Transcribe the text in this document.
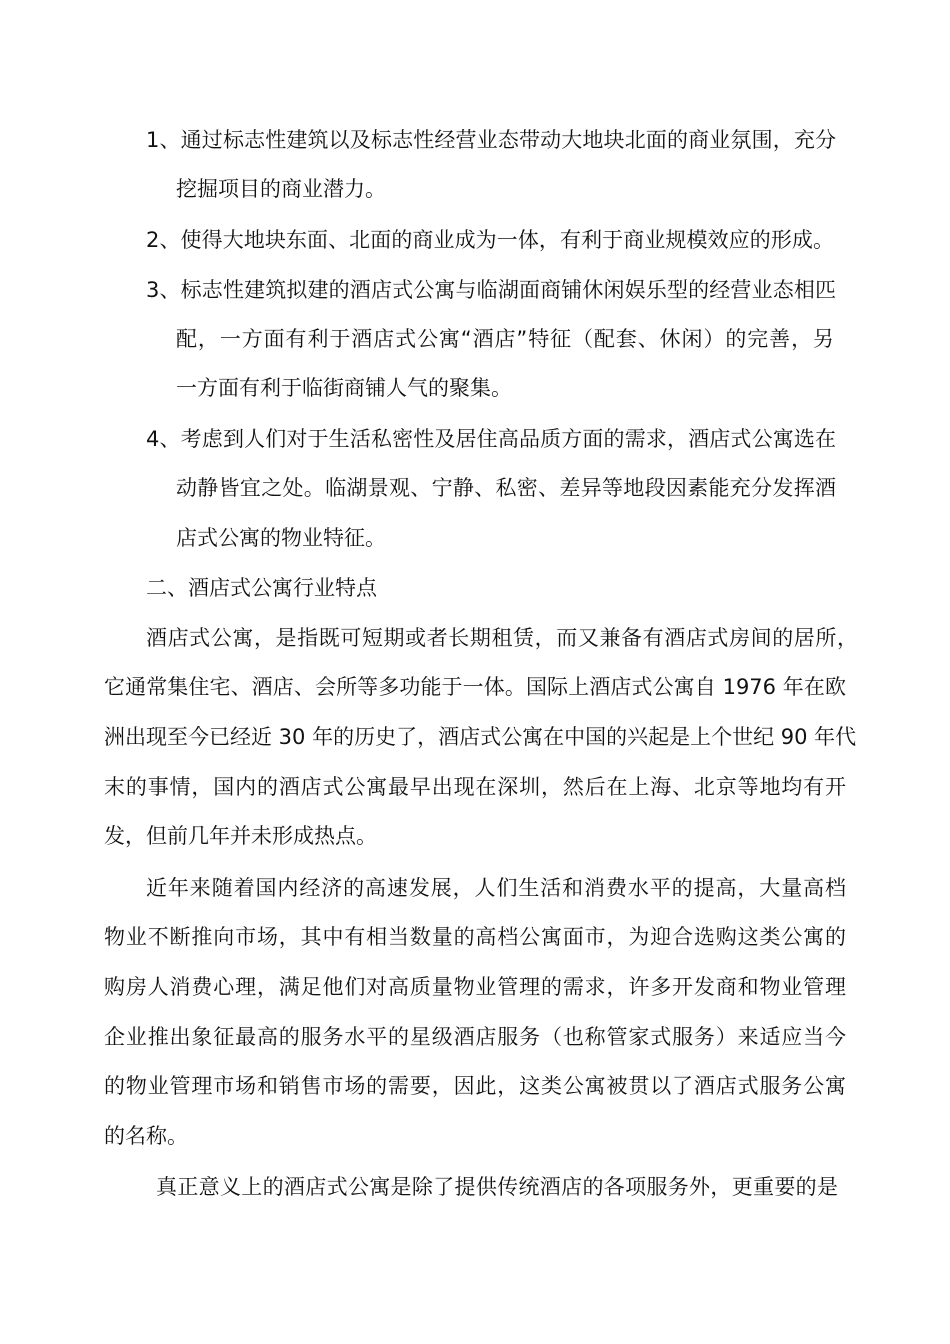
1、通过标志性建筑以及标志性经营业态带动大地块北面的商业氛围，充分
挖掘项目的商业潜力。
2、使得大地块东面、北面的商业成为一体，有利于商业规模效应的形成。
3、标志性建筑拟建的酒店式公寓与临湖面商铺休闲娱乐型的经营业态相匹
配，一方面有利于酒店式公寓“酒店”特征（配套、休闲）的完善，另
一方面有利于临街商铺人气的聚集。
4、考虑到人们对于生活私密性及居住高品质方面的需求，酒店式公寓选在
动静皆宜之处。临湖景观、宁静、私密、差异等地段因素能充分发挥酒
店式公寓的物业特征。
二、酒店式公寓行业特点
酒店式公寓，是指既可短期或者长期租赁，而又兼备有酒店式房间的居所，
它通常集住宅、酒店、会所等多功能于一体。国际上酒店式公寓自 1976 年在欧
洲出现至今已经近 30 年的历史了，酒店式公寓在中国的兴起是上个世纪 90 年代
末的事情，国内的酒店式公寓最早出现在深圳，然后在上海、北京等地均有开
发，但前几年并未形成热点。
近年来随着国内经济的高速发展，人们生活和消费水平的提高，大量高档
物业不断推向市场，其中有相当数量的高档公寓面市，为迎合选购这类公寓的
购房人消费心理，满足他们对高质量物业管理的需求，许多开发商和物业管理
企业推出象征最高的服务水平的星级酒店服务（也称管家式服务）来适应当今
的物业管理市场和销售市场的需要，因此，这类公寓被贯以了酒店式服务公寓
的名称。
真正意义上的酒店式公寓是除了提供传统酒店的各项服务外，更重要的是
